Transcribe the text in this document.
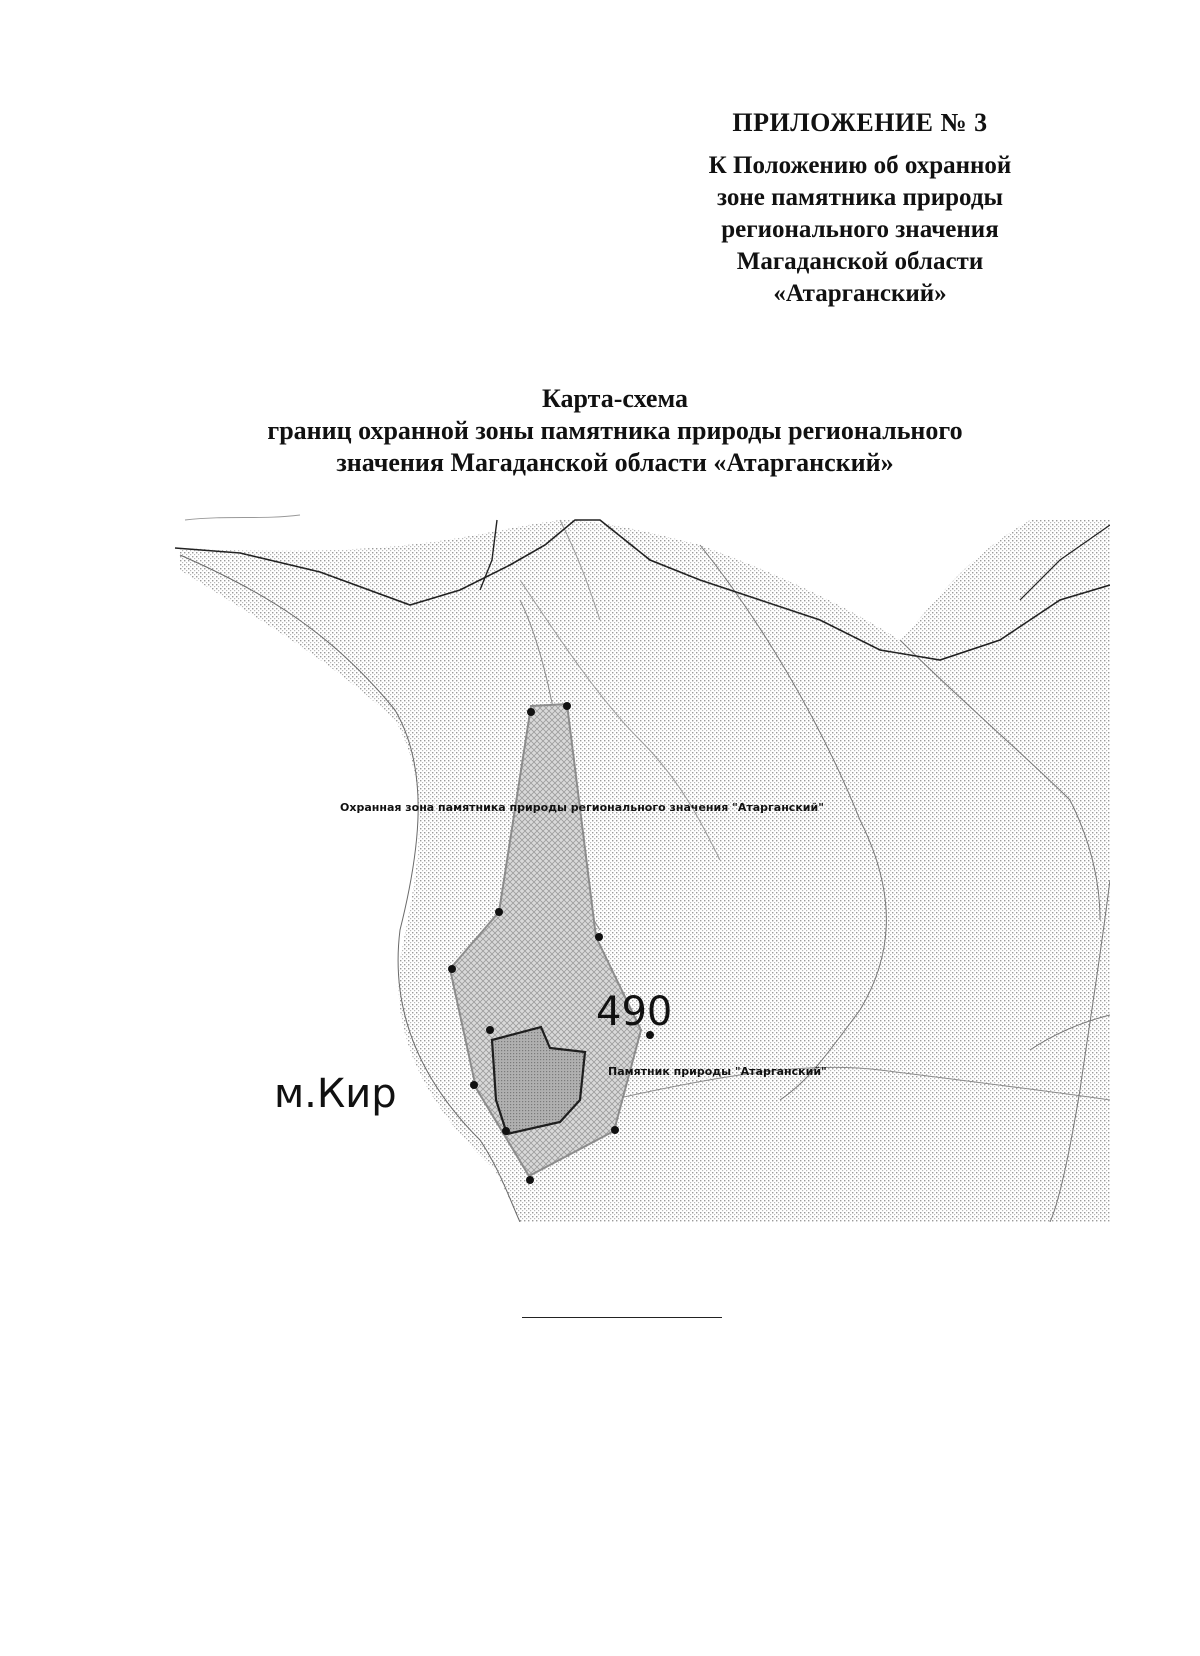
ПРИЛОЖЕНИЕ № 3
К Положению об охранной
зоне памятника природы
регионального значения
Магаданской области
«Атарганский»
Карта-схема
границ охранной зоны памятника природы регионального
значения Магаданской области «Атарганский»
Охранная зона памятника природы регионального значения "Атарганский"
Памятник природы "Атарганский"
м.Кир
490
